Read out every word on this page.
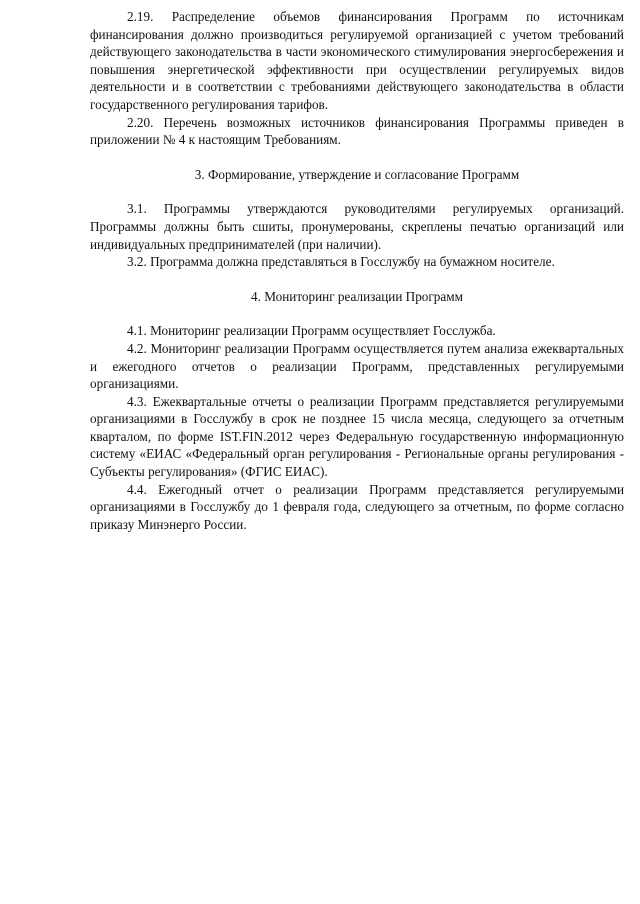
2.19. Распределение объемов финансирования Программ по источникам финансирования должно производиться регулируемой организацией с учетом требований действующего законодательства в части экономического стимулирования энергосбережения и повышения энергетической эффективности при осуществлении регулируемых видов деятельности и в соответствии с требованиями действующего законодательства в области государственного регулирования тарифов.

2.20. Перечень возможных источников финансирования Программы приведен в приложении № 4 к настоящим Требованиям.

3. Формирование, утверждение и согласование Программ

3.1. Программы утверждаются руководителями регулируемых организаций. Программы должны быть сшиты, пронумерованы, скреплены печатью организаций или индивидуальных предпринимателей (при наличии).

3.2. Программа должна представляться в Госслужбу на бумажном носителе.

4. Мониторинг реализации Программ

4.1. Мониторинг реализации Программ осуществляет Госслужба.

4.2. Мониторинг реализации Программ осуществляется путем анализа ежеквартальных и ежегодного отчетов о реализации Программ, представленных регулируемыми организациями.

4.3. Ежеквартальные отчеты о реализации Программ представляется регулируемыми организациями в Госслужбу в срок не позднее 15 числа месяца, следующего за отчетным кварталом, по форме IST.FIN.2012 через Федеральную государственную информационную систему «ЕИАС «Федеральный орган регулирования - Региональные органы регулирования - Субъекты регулирования» (ФГИС ЕИАС).

4.4. Ежегодный отчет о реализации Программ представляется регулируемыми организациями в Госслужбу до 1 февраля года, следующего за отчетным, по форме согласно приказу Минэнерго России.
